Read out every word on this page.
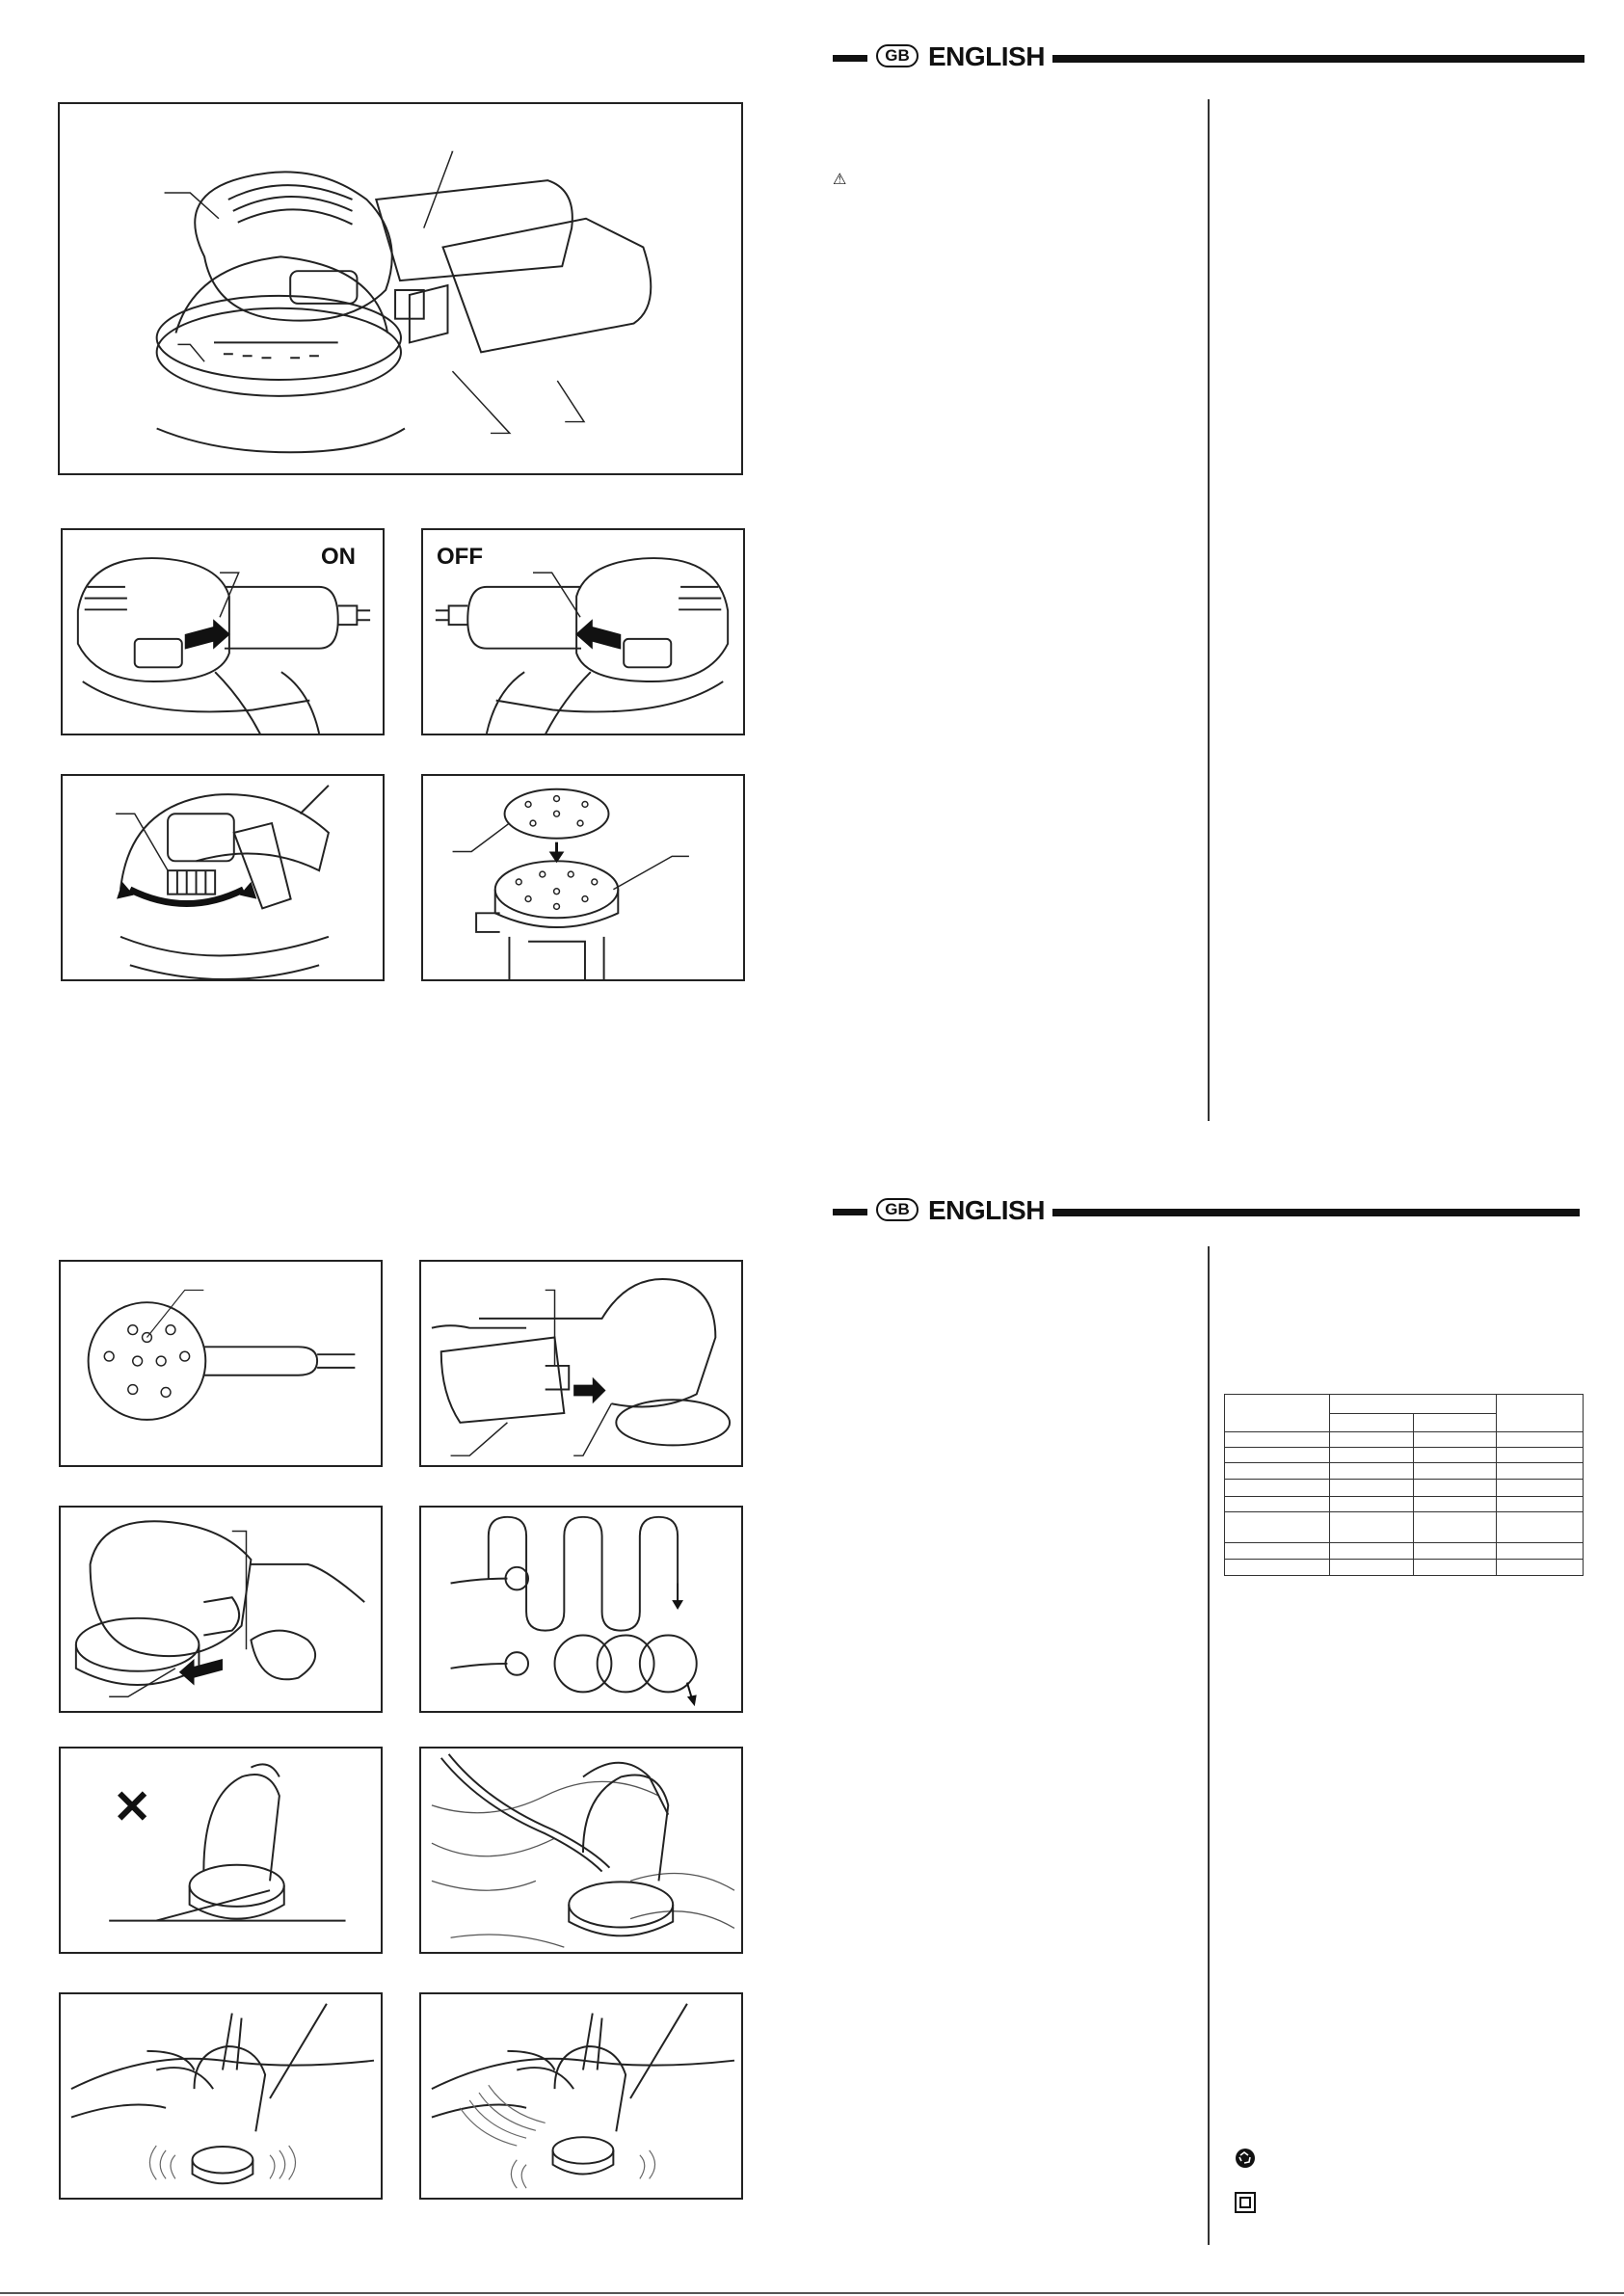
GB ENGLISH
GB ENGLISH
⚠
ON	OFF
✕
